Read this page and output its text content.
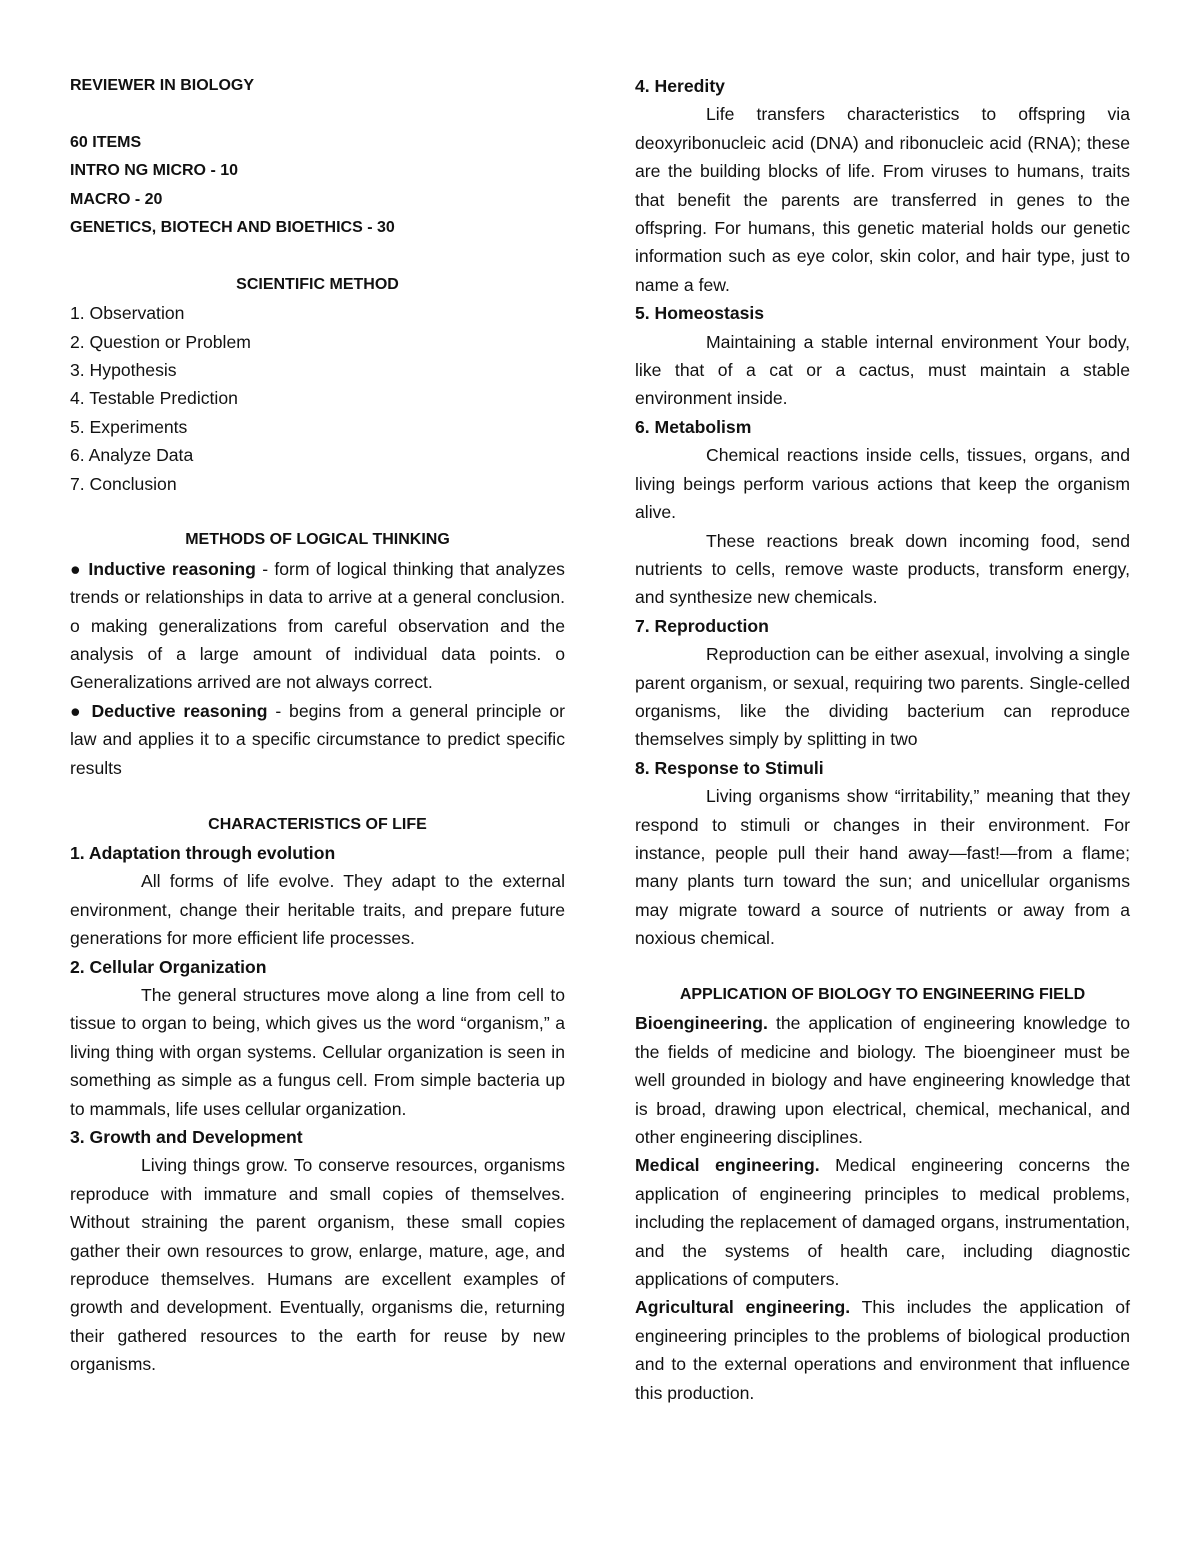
REVIEWER IN BIOLOGY

60 ITEMS

INTRO NG MICRO - 10

MACRO - 20

GENETICS, BIOTECH AND BIOETHICS - 30

SCIENTIFIC METHOD

1. Observation

2. Question or Problem

3. Hypothesis

4. Testable Prediction

5. Experiments

6. Analyze Data

7. Conclusion

METHODS OF LOGICAL THINKING

● Inductive reasoning - form of logical thinking that analyzes trends or relationships in data to arrive at a general conclusion. o making generalizations from careful observation and the analysis of a large amount of individual data points. o Generalizations arrived are not always correct.

● Deductive reasoning - begins from a general principle or law and applies it to a specific circumstance to predict specific results

CHARACTERISTICS OF LIFE

1. Adaptation through evolution

All forms of life evolve. They adapt to the external environment, change their heritable traits, and prepare future generations for more efficient life processes.

2. Cellular Organization

The general structures move along a line from cell to tissue to organ to being, which gives us the word “organism,” a living thing with organ systems. Cellular organization is seen in something as simple as a fungus cell. From simple bacteria up to mammals, life uses cellular organization.

3. Growth and Development

Living things grow. To conserve resources, organisms reproduce with immature and small copies of themselves. Without straining the parent organism, these small copies gather their own resources to grow, enlarge, mature, age, and reproduce themselves. Humans are excellent examples of growth and development. Eventually, organisms die, returning their gathered resources to the earth for reuse by new organisms.

4. Heredity

Life transfers characteristics to offspring via deoxyribonucleic acid (DNA) and ribonucleic acid (RNA); these are the building blocks of life. From viruses to humans, traits that benefit the parents are transferred in genes to the offspring. For humans, this genetic material holds our genetic information such as eye color, skin color, and hair type, just to name a few.

5. Homeostasis

Maintaining a stable internal environment Your body, like that of a cat or a cactus, must maintain a stable environment inside.

6. Metabolism

Chemical reactions inside cells, tissues, organs, and living beings perform various actions that keep the organism alive.

These reactions break down incoming food, send nutrients to cells, remove waste products, transform energy, and synthesize new chemicals.

7. Reproduction

Reproduction can be either asexual, involving a single parent organism, or sexual, requiring two parents. Single-celled organisms, like the dividing bacterium can reproduce themselves simply by splitting in two

8. Response to Stimuli

Living organisms show “irritability,” meaning that they respond to stimuli or changes in their environment. For instance, people pull their hand away—fast!—from a flame; many plants turn toward the sun; and unicellular organisms may migrate toward a source of nutrients or away from a noxious chemical.

APPLICATION OF BIOLOGY TO ENGINEERING FIELD

Bioengineering. the application of engineering knowledge to the fields of medicine and biology. The bioengineer must be well grounded in biology and have engineering knowledge that is broad, drawing upon electrical, chemical, mechanical, and other engineering disciplines.

Medical engineering. Medical engineering concerns the application of engineering principles to medical problems, including the replacement of damaged organs, instrumentation, and the systems of health care, including diagnostic applications of computers.

Agricultural engineering. This includes the application of engineering principles to the problems of biological production and to the external operations and environment that influence this production.
